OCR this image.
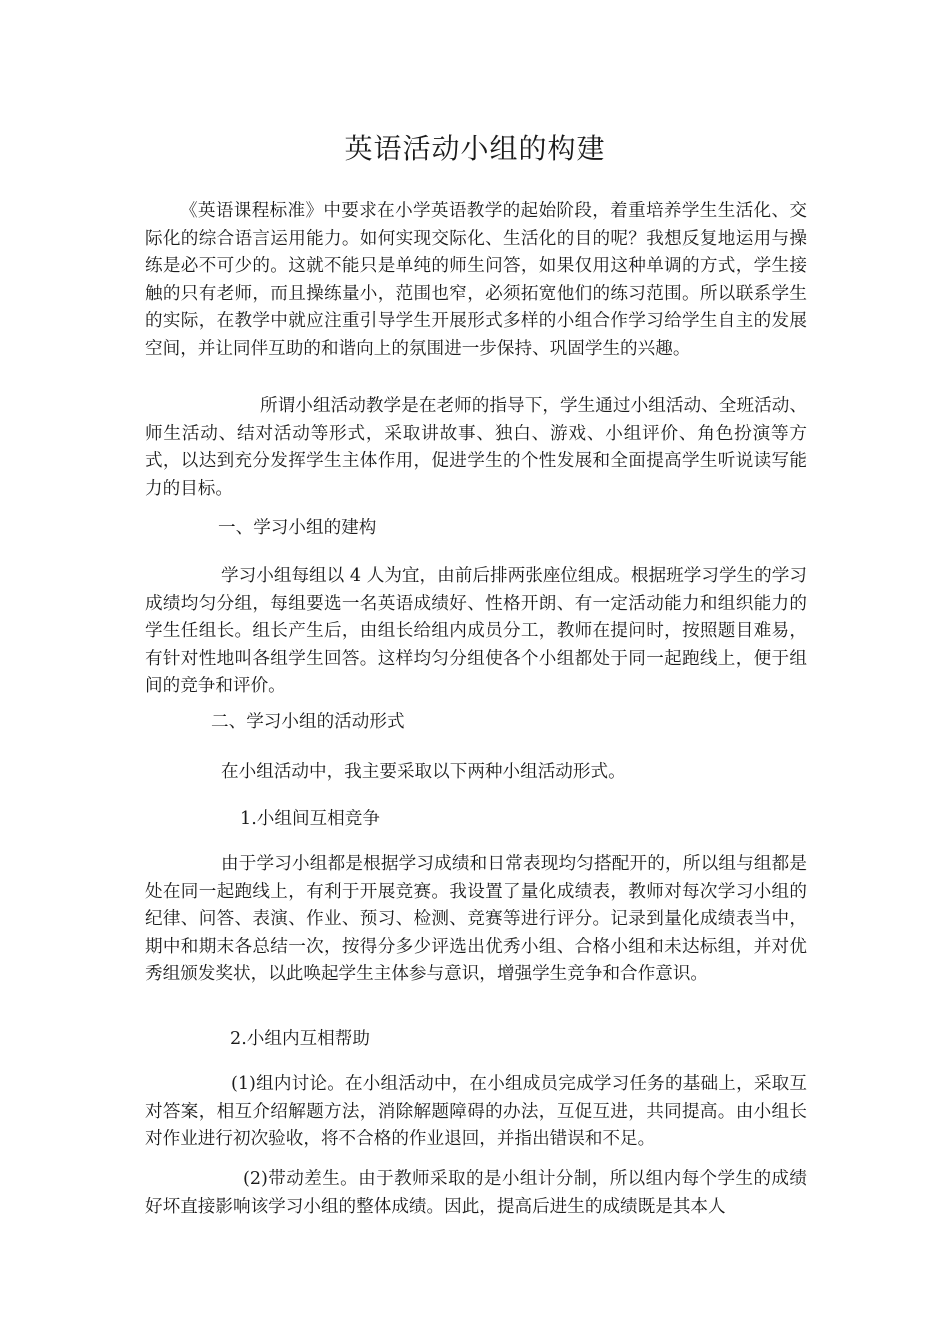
英语活动小组的构建

《英语课程标准》中要求在小学英语教学的起始阶段，着重培养学生生活化、交际化的综合语言运用能力。如何实现交际化、生活化的目的呢？我想反复地运用与操练是必不可少的。这就不能只是单纯的师生问答，如果仅用这种单调的方式，学生接触的只有老师，而且操练量小，范围也窄，必须拓宽他们的练习范围。所以联系学生的实际，在教学中就应注重引导学生开展形式多样的小组合作学习给学生自主的发展空间，并让同伴互助的和谐向上的氛围进一步保持、巩固学生的兴趣。

所谓小组活动教学是在老师的指导下，学生通过小组活动、全班活动、师生活动、结对活动等形式，采取讲故事、独白、游戏、小组评价、角色扮演等方式，以达到充分发挥学生主体作用，促进学生的个性发展和全面提高学生听说读写能力的目标。

一、学习小组的建构

学习小组每组以 4 人为宜，由前后排两张座位组成。根据班学习学生的学习成绩均匀分组，每组要选一名英语成绩好、性格开朗、有一定活动能力和组织能力的学生任组长。组长产生后，由组长给组内成员分工，教师在提问时，按照题目难易，有针对性地叫各组学生回答。这样均匀分组使各个小组都处于同一起跑线上，便于组间的竞争和评价。

二、学习小组的活动形式
在小组活动中，我主要采取以下两种小组活动形式。
1.小组间互相竞争

由于学习小组都是根据学习成绩和日常表现均匀搭配开的，所以组与组都是处在同一起跑线上，有利于开展竞赛。我设置了量化成绩表，教师对每次学习小组的纪律、问答、表演、作业、预习、检测、竞赛等进行评分。记录到量化成绩表当中，期中和期末各总结一次，按得分多少评选出优秀小组、合格小组和未达标组，并对优秀组颁发奖状，以此唤起学生主体参与意识，增强学生竞争和合作意识。

2.小组内互相帮助

(1)组内讨论。在小组活动中，在小组成员完成学习任务的基础上，采取互对答案，相互介绍解题方法，消除解题障碍的办法，互促互进，共同提高。由小组长对作业进行初次验收，将不合格的作业退回，并指出错误和不足。

(2)带动差生。由于教师采取的是小组计分制，所以组内每个学生的成绩好坏直接影响该学习小组的整体成绩。因此，提高后进生的成绩既是其本人
